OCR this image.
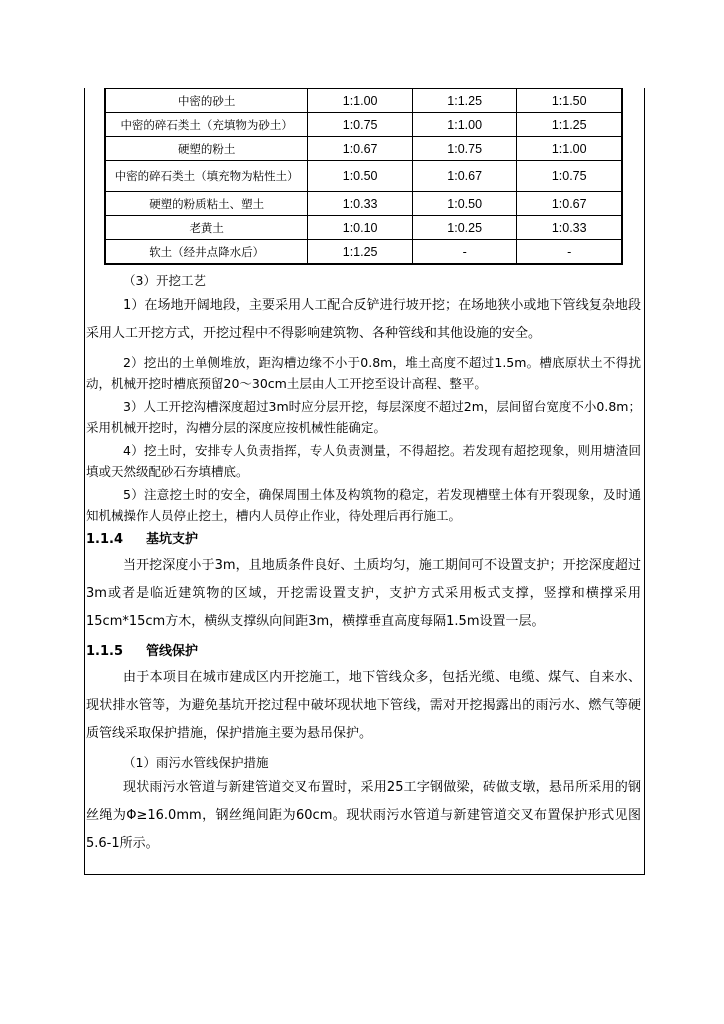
中密的砂土	1:1.00	1:1.25	1:1.50
中密的碎石类土（充填物为砂土）	1:0.75	1:1.00	1:1.25
硬塑的粉土	1:0.67	1:0.75	1:1.00
中密的碎石类土（填充物为粘性土）	1:0.50	1:0.67	1:0.75
硬塑的粉质粘土、塑土	1:0.33	1:0.50	1:0.67
老黄土	1:0.10	1:0.25	1:0.33
软土（经井点降水后）	1:1.25	-	-

（3）开挖工艺

1）在场地开阔地段，主要采用人工配合反铲进行坡开挖；在场地狭小或地下管线复杂地段采用人工开挖方式，开挖过程中不得影响建筑物、各种管线和其他设施的安全。

2）挖出的土单侧堆放，距沟槽边缘不小于0.8m，堆土高度不超过1.5m。槽底原状土不得扰动，机械开挖时槽底预留20～30cm土层由人工开挖至设计高程、整平。

3）人工开挖沟槽深度超过3m时应分层开挖，每层深度不超过2m，层间留台宽度不小0.8m；采用机械开挖时，沟槽分层的深度应按机械性能确定。

4）挖土时，安排专人负责指挥，专人负责测量，不得超挖。若发现有超挖现象，则用塘渣回填或天然级配砂石夯填槽底。

5）注意挖土时的安全，确保周围土体及构筑物的稳定，若发现槽壁土体有开裂现象，及时通知机械操作人员停止挖土，槽内人员停止作业，待处理后再行施工。

1.1.4 基坑支护

当开挖深度小于3m，且地质条件良好、土质均匀，施工期间可不设置支护；开挖深度超过3m或者是临近建筑物的区域，开挖需设置支护，支护方式采用板式支撑，竖撑和横撑采用15cm*15cm方木，横纵支撑纵向间距3m，横撑垂直高度每隔1.5m设置一层。

1.1.5 管线保护

由于本项目在城市建成区内开挖施工，地下管线众多，包括光缆、电缆、煤气、自来水、现状排水管等，为避免基坑开挖过程中破坏现状地下管线，需对开挖揭露出的雨污水、燃气等硬质管线采取保护措施，保护措施主要为悬吊保护。

（1）雨污水管线保护措施

现状雨污水管道与新建管道交叉布置时，采用25工字钢做梁，砖做支墩，悬吊所采用的钢丝绳为Φ≥16.0mm，钢丝绳间距为60cm。现状雨污水管道与新建管道交叉布置保护形式见图5.6-1所示。
